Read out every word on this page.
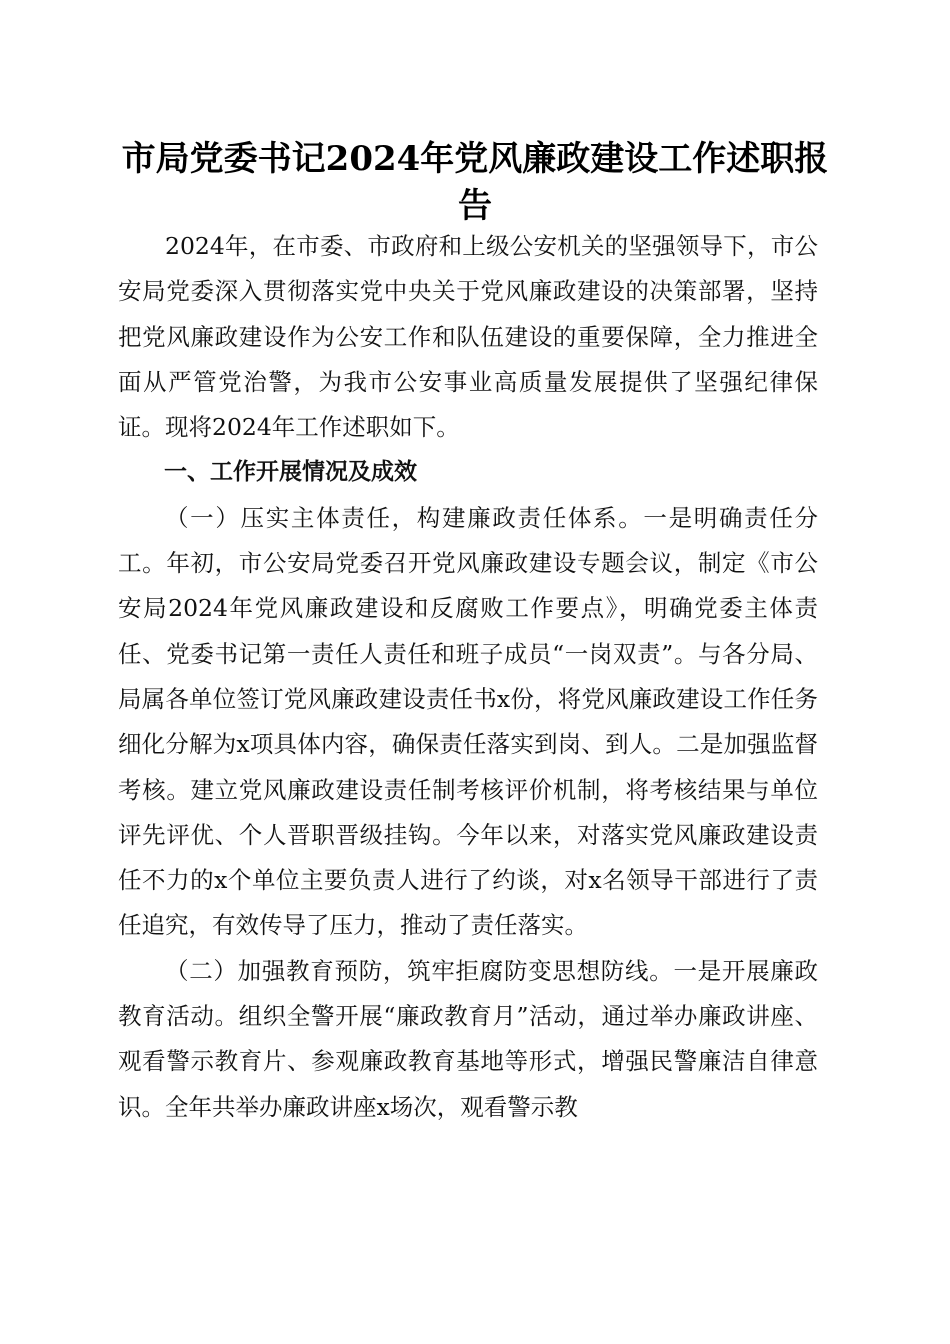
市局党委书记2024年党风廉政建设工作述职报告

2024年，在市委、市政府和上级公安机关的坚强领导下，市公安局党委深入贯彻落实党中央关于党风廉政建设的决策部署，坚持把党风廉政建设作为公安工作和队伍建设的重要保障，全力推进全面从严管党治警，为我市公安事业高质量发展提供了坚强纪律保证。现将2024年工作述职如下。

一、工作开展情况及成效

（一）压实主体责任，构建廉政责任体系。一是明确责任分工。年初，市公安局党委召开党风廉政建设专题会议，制定《市公安局2024年党风廉政建设和反腐败工作要点》，明确党委主体责任、党委书记第一责任人责任和班子成员“一岗双责”。与各分局、局属各单位签订党风廉政建设责任书x份，将党风廉政建设工作任务细化分解为x项具体内容，确保责任落实到岗、到人。二是加强监督考核。建立党风廉政建设责任制考核评价机制，将考核结果与单位评先评优、个人晋职晋级挂钩。今年以来，对落实党风廉政建设责任不力的x个单位主要负责人进行了约谈，对x名领导干部进行了责任追究，有效传导了压力，推动了责任落实。

（二）加强教育预防，筑牢拒腐防变思想防线。一是开展廉政教育活动。组织全警开展“廉政教育月”活动，通过举办廉政讲座、观看警示教育片、参观廉政教育基地等形式，增强民警廉洁自律意识。全年共举办廉政讲座x场次，观看警示教
